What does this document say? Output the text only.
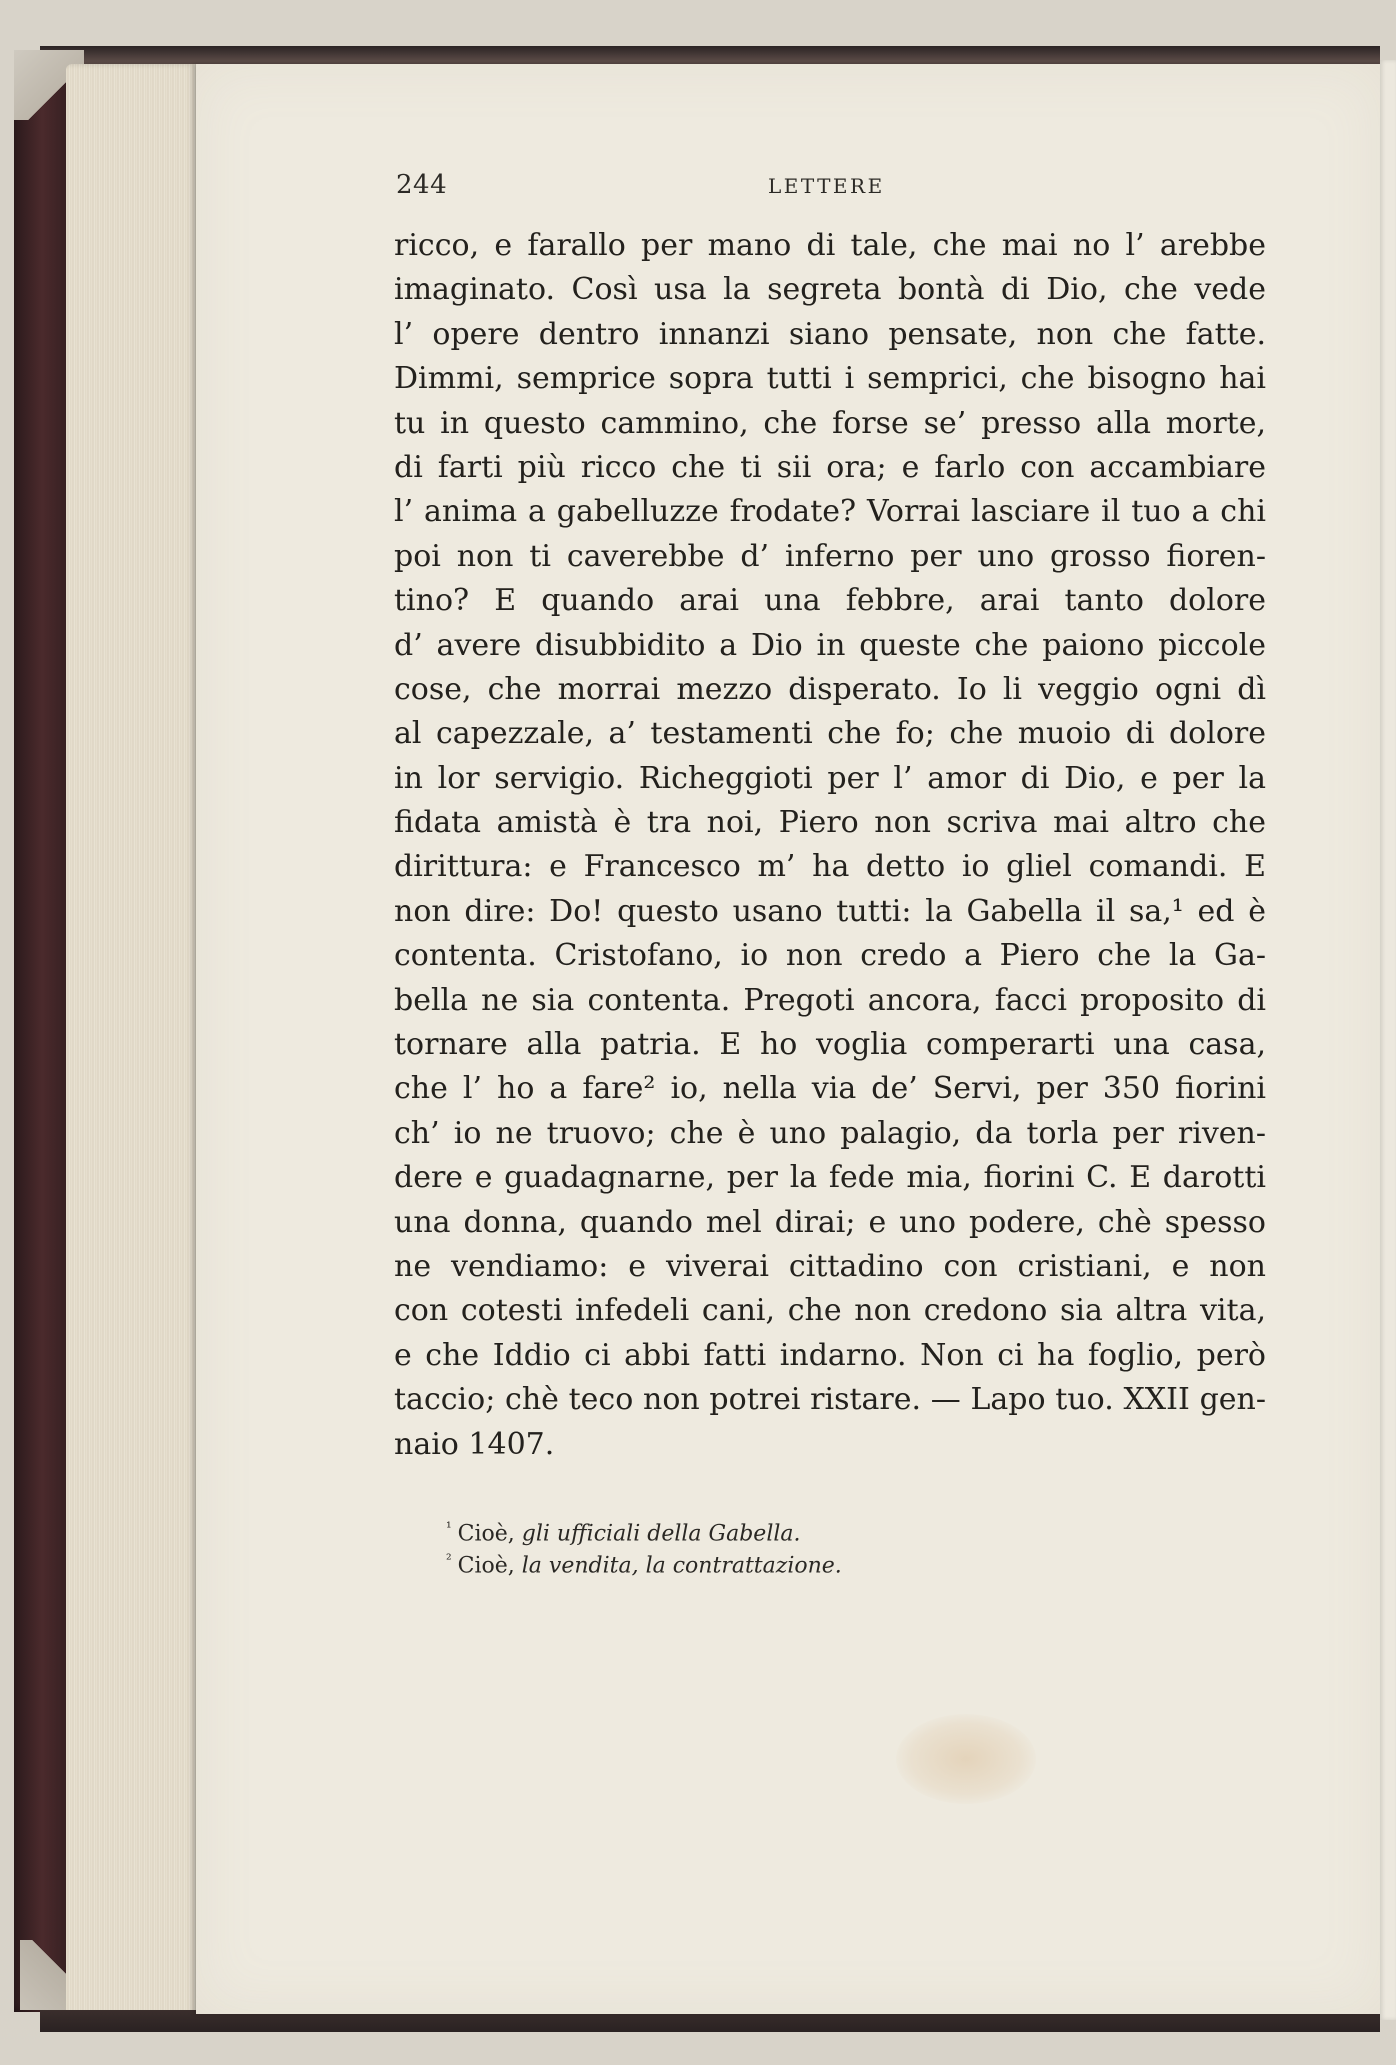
244	LETTERE
ricco, e farallo per mano di tale, che mai no l’ arebbe
imaginato. Così usa la segreta bontà di Dio, che vede
l’ opere dentro innanzi siano pensate, non che fatte.
Dimmi, semprice sopra tutti i semprici, che bisogno hai
tu in questo cammino, che forse se’ presso alla morte,
di farti più ricco che ti sii ora; e farlo con accambiare
l’ anima a gabelluzze frodate? Vorrai lasciare il tuo a chi
poi non ti caverebbe d’ inferno per uno grosso fioren-
tino? E quando arai una febbre, arai tanto dolore
d’ avere disubbidito a Dio in queste che paiono piccole
cose, che morrai mezzo disperato. Io li veggio ogni dì
al capezzale, a’ testamenti che fo; che muoio di dolore
in lor servigio. Richeggioti per l’ amor di Dio, e per la
fidata amistà è tra noi, Piero non scriva mai altro che
dirittura: e Francesco m’ ha detto io gliel comandi. E
non dire: Do! questo usano tutti: la Gabella il sa,¹ ed è
contenta. Cristofano, io non credo a Piero che la Ga-
bella ne sia contenta. Pregoti ancora, facci proposito di
tornare alla patria. E ho voglia comperarti una casa,
che l’ ho a fare² io, nella via de’ Servi, per 350 fiorini
ch’ io ne truovo; che è uno palagio, da torla per riven-
dere e guadagnarne, per la fede mia, fiorini C. E darotti
una donna, quando mel dirai; e uno podere, chè spesso
ne vendiamo: e viverai cittadino con cristiani, e non
con cotesti infedeli cani, che non credono sia altra vita,
e che Iddio ci abbi fatti indarno. Non ci ha foglio, però
taccio; chè teco non potrei ristare. — Lapo tuo. XXII gen-
naio 1407.
$^{^1}$ Cioè, gli ufficiali della Gabella.
$^{^2}$ Cioè, la vendita, la contrattazione.
